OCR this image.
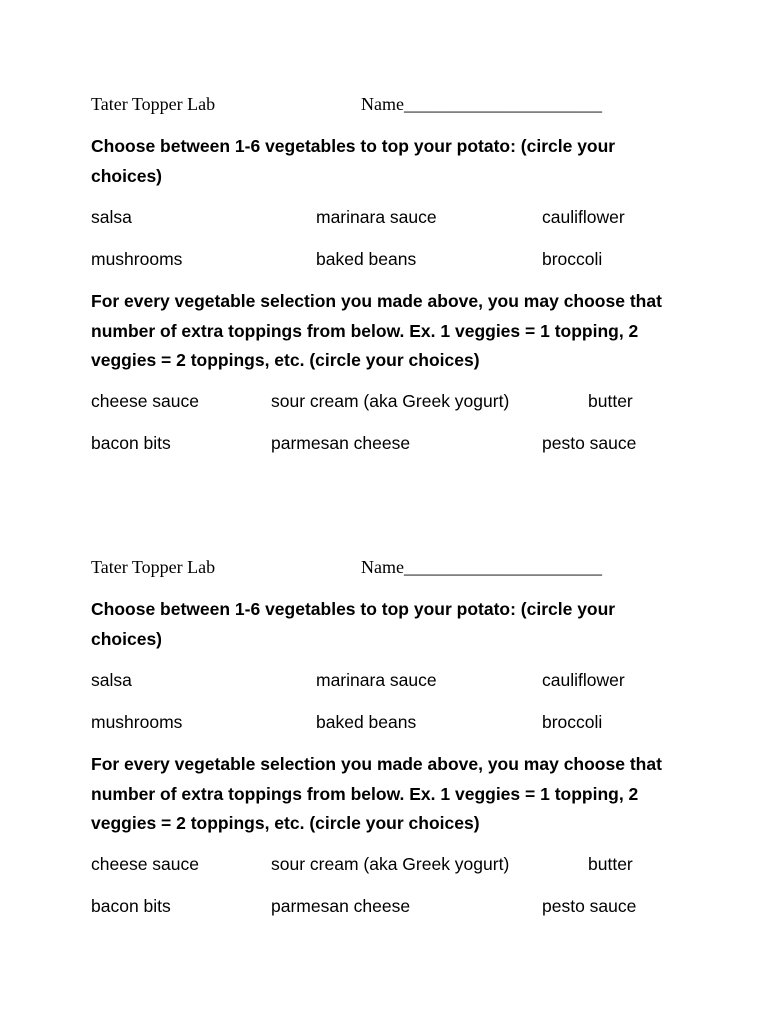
Tater Topper Lab	Name______________________
Choose between 1-6 vegetables to top your potato: (circle your choices)
salsa	marinara sauce	cauliflower
mushrooms	baked beans	broccoli
For every vegetable selection you made above, you may choose that number of extra toppings from below. Ex. 1 veggies = 1 topping, 2 veggies = 2 toppings, etc. (circle your choices)
cheese sauce	sour cream (aka Greek yogurt)	butter
bacon bits	parmesan cheese	pesto sauce
Tater Topper Lab	Name______________________
Choose between 1-6 vegetables to top your potato: (circle your choices)
salsa	marinara sauce	cauliflower
mushrooms	baked beans	broccoli
For every vegetable selection you made above, you may choose that number of extra toppings from below. Ex. 1 veggies = 1 topping, 2 veggies = 2 toppings, etc. (circle your choices)
cheese sauce	sour cream (aka Greek yogurt)	butter
bacon bits	parmesan cheese	pesto sauce
